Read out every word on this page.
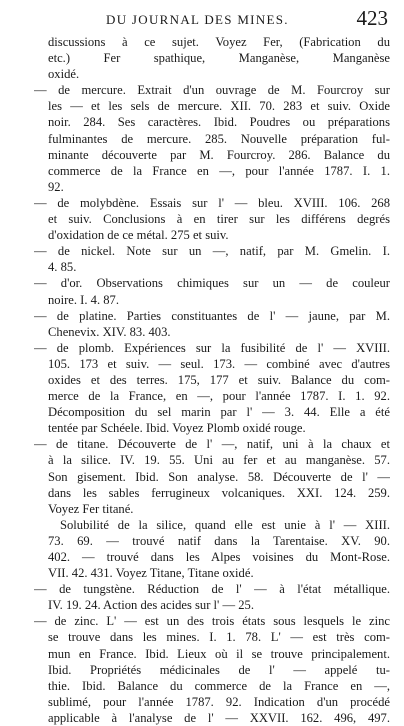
DU JOURNAL DES MINES.	423
discussions à ce sujet. Voyez Fer, (Fabrication du
etc.) Fer spathique, Manganèse, Manganèse
oxidé.
— de mercure. Extrait d'un ouvrage de M. Fourcroy sur
les — et les sels de mercure. XII. 70. 283 et suiv. Oxide
noir. 284. Ses caractères. Ibid. Poudres ou préparations
fulminantes de mercure. 285. Nouvelle préparation ful-
minante découverte par M. Fourcroy. 286. Balance du
commerce de la France en —, pour l'année 1787. I. 1.
92.
— de molybdène. Essais sur l' — bleu. XVIII. 106. 268
et suiv. Conclusions à en tirer sur les différens degrés
d'oxidation de ce métal. 275 et suiv.
— de nickel. Note sur un —, natif, par M. Gmelin. I.
4. 85.
— d'or. Observations chimiques sur un — de couleur
noire. I. 4. 87.
— de platine. Parties constituantes de l' — jaune, par M.
Chenevix. XIV. 83. 403.
— de plomb. Expériences sur la fusibilité de l' — XVIII.
105. 173 et suiv. — seul. 173. — combiné avec d'autres
oxides et des terres. 175, 177 et suiv. Balance du com-
merce de la France, en —, pour l'année 1787. I. 1. 92.
Décomposition du sel marin par l' — 3. 44. Elle a été
tentée par Schéele. Ibid. Voyez Plomb oxidé rouge.
— de titane. Découverte de l' —, natif, uni à la chaux et
à la silice. IV. 19. 55. Uni au fer et au manganèse. 57.
Son gisement. Ibid. Son analyse. 58. Découverte de l' —
dans les sables ferrugineux volcaniques. XXI. 124. 259.
Voyez Fer titané.
Solubilité de la silice, quand elle est unie à l' — XIII.
73. 69. — trouvé natif dans la Tarentaise. XV. 90.
402. — trouvé dans les Alpes voisines du Mont-Rose.
VII. 42. 431. Voyez Titane, Titane oxidé.
— de tungstène. Réduction de l' — à l'état métallique.
IV. 19. 24. Action des acides sur l' — 25.
— de zinc. L' — est un des trois états sous lesquels le zinc
se trouve dans les mines. I. 1. 78. L' — est très com-
mun en France. Ibid. Lieux où il se trouve principalement.
Ibid. Propriétés médicinales de l' — appelé tu-
thie. Ibid. Balance du commerce de la France en —,
sublimé, pour l'année 1787. 92. Indication d'un procédé
applicable à l'analyse de l' — XXVII. 162. 496, 497.
